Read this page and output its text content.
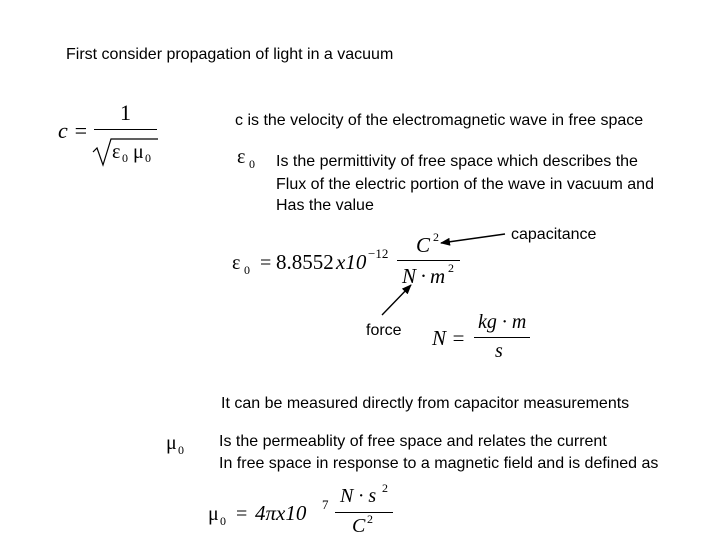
First consider propagation of light in a vacuum
c =
1
ε 0 μ 0
c is the velocity of the electromagnetic wave in free space
ε 0 Is the permittivity of free space which describes the
Flux of the electric portion of the wave in vacuum and
Has the value
capacitance
ε 0 = 8.8552 x10 −12 C 2
N · m 2
force N =
kg · m
s
It can be measured directly from capacitor measurements
μ 0 Is the permeablity of free space and relates the current
In free space in response to a magnetic field and is defined as
μ 0 = 4πx10 7 N · s 2
C 2
